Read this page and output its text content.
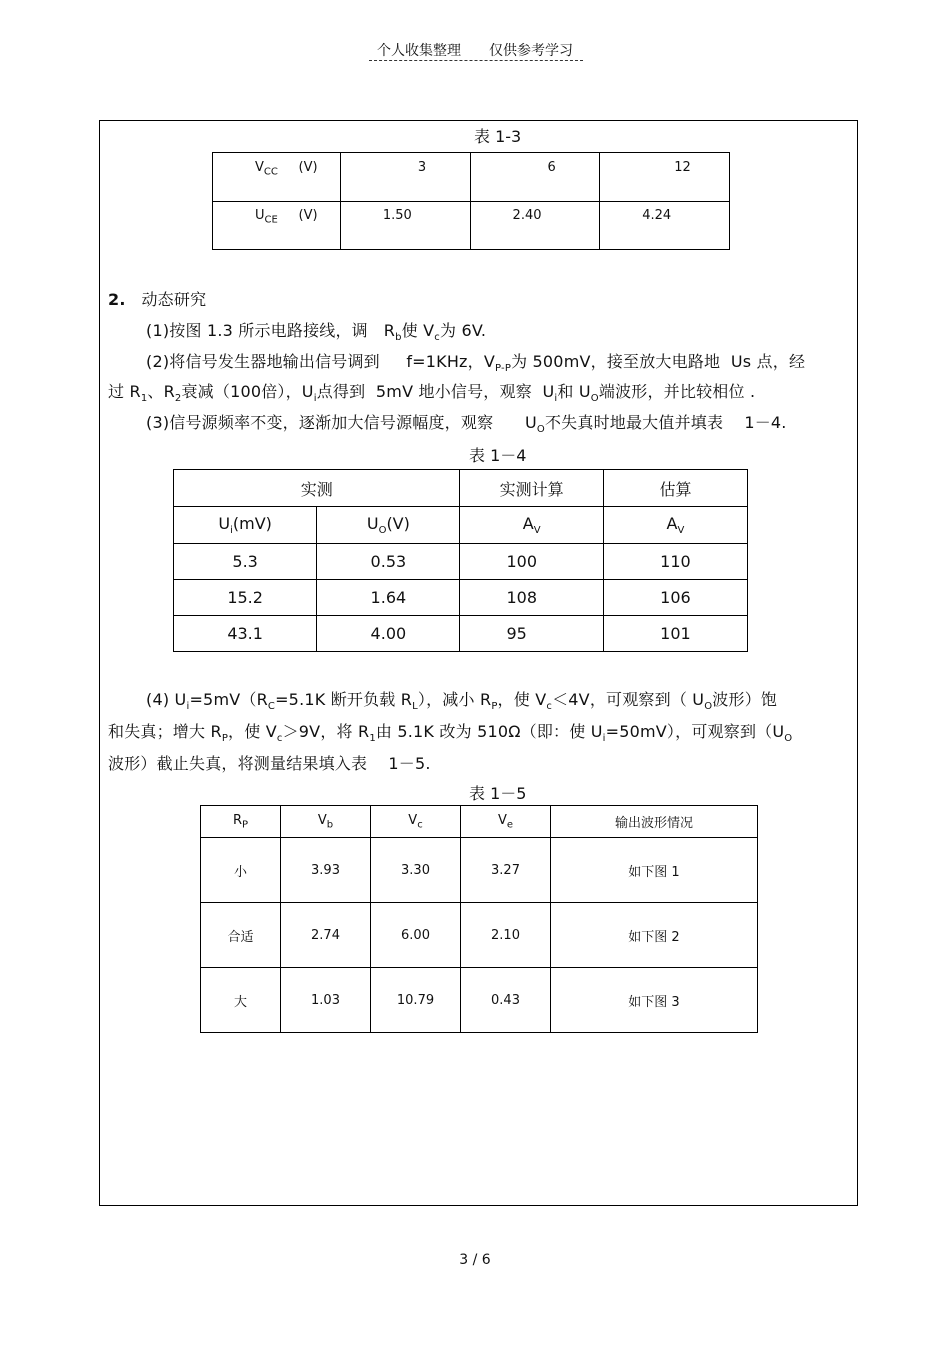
个人收集整理 仅供参考学习
表 1-3
$V_{CC}$ (V)	3	6	12
$U_{CE}$ (V)	1.50	2.40	4.24
2. 动态研究
(1)按图 1.3 所示电路接线，调 $R_b$使 $V_c$为 6V.
(2)将信号发生器地输出信号调到 f=1KHz，$V_{P-P}$为 500mV，接至放大电路地 Us 点，经
过 $R_1$、$R_2$衰减（100倍），$U_i$点得到 5mV 地小信号，观察 $U_i$和 $U_O$端波形，并比较相位 .
(3)信号源频率不变，逐渐加大信号源幅度，观察 $U_O$不失真时地最大值并填表 1－4.
表 1－4
实测		实测计算	估算
$U_i(mV)$	$U_O(V)$	$A_V$	$A_V$
5.3	0.53	100	110
15.2	1.64	108	106
43.1	4.00	95	101
(4) $U_i=5mV(R_C=5.1K$ 断开负载 $R_L$），减小 $R_P$，使 $V_c<4V$，可观察到（ $U_O$波形）饱
和失真；增大 $R_P$，使 $V_c>9V$，将 $R_1$由 5.1K 改为 510Ω（即：使 $U_i=50mV$），可观察到（$U_O$
波形）截止失真，将测量结果填入表 1－5.
表 1－5
$R_P$	$V_b$	$V_c$	$V_e$	输出波形情况
小	3.93	3.30	3.27	如下图 1
合适	2.74	6.00	2.10	如下图 2
大	1.03	10.79	0.43	如下图 3
3 / 6
